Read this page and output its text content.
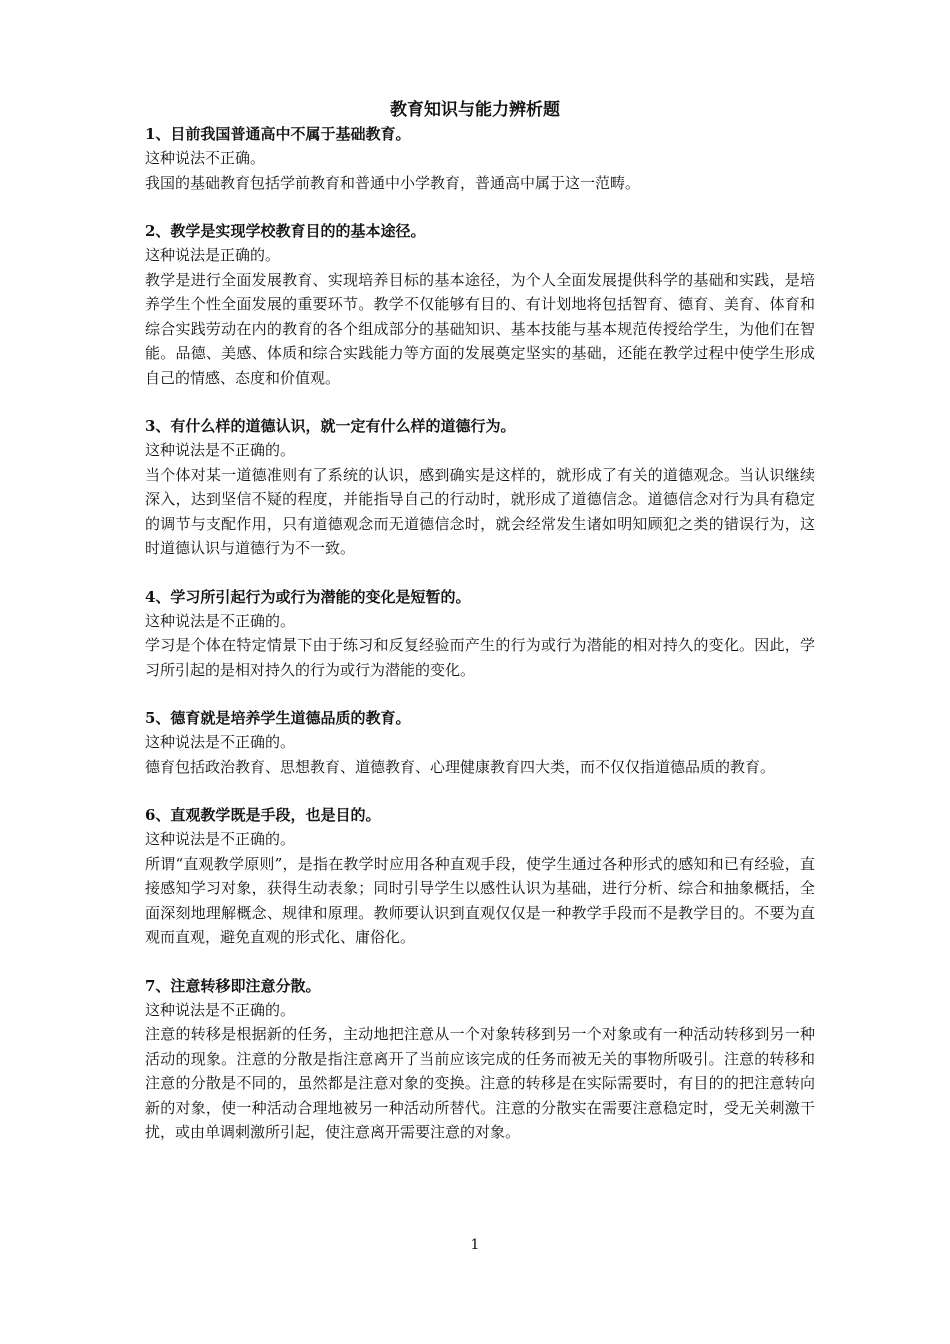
教育知识与能力辨析题

1、目前我国普通高中不属于基础教育。

这种说法不正确。

我国的基础教育包括学前教育和普通中小学教育，普通高中属于这一范畴。

2、教学是实现学校教育目的的基本途径。

这种说法是正确的。

教学是进行全面发展教育、实现培养目标的基本途径，为个人全面发展提供科学的基础和实践，是培养学生个性全面发展的重要环节。教学不仅能够有目的、有计划地将包括智育、德育、美育、体育和综合实践劳动在内的教育的各个组成部分的基础知识、基本技能与基本规范传授给学生，为他们在智能。品德、美感、体质和综合实践能力等方面的发展奠定坚实的基础，还能在教学过程中使学生形成自己的情感、态度和价值观。

3、有什么样的道德认识，就一定有什么样的道德行为。

这种说法是不正确的。

当个体对某一道德准则有了系统的认识，感到确实是这样的，就形成了有关的道德观念。当认识继续深入，达到坚信不疑的程度，并能指导自己的行动时，就形成了道德信念。道德信念对行为具有稳定的调节与支配作用，只有道德观念而无道德信念时，就会经常发生诸如明知顾犯之类的错误行为，这时道德认识与道德行为不一致。

4、学习所引起行为或行为潜能的变化是短暂的。

这种说法是不正确的。

学习是个体在特定情景下由于练习和反复经验而产生的行为或行为潜能的相对持久的变化。因此，学习所引起的是相对持久的行为或行为潜能的变化。

5、德育就是培养学生道德品质的教育。

这种说法是不正确的。

德育包括政治教育、思想教育、道德教育、心理健康教育四大类，而不仅仅指道德品质的教育。

6、直观教学既是手段，也是目的。

这种说法是不正确的。

所谓“直观教学原则”，是指在教学时应用各种直观手段，使学生通过各种形式的感知和已有经验，直接感知学习对象，获得生动表象；同时引导学生以感性认识为基础，进行分析、综合和抽象概括，全面深刻地理解概念、规律和原理。教师要认识到直观仅仅是一种教学手段而不是教学目的。不要为直观而直观，避免直观的形式化、庸俗化。

7、注意转移即注意分散。

这种说法是不正确的。

注意的转移是根据新的任务，主动地把注意从一个对象转移到另一个对象或有一种活动转移到另一种活动的现象。注意的分散是指注意离开了当前应该完成的任务而被无关的事物所吸引。注意的转移和注意的分散是不同的，虽然都是注意对象的变换。注意的转移是在实际需要时，有目的的把注意转向新的对象，使一种活动合理地被另一种活动所替代。注意的分散实在需要注意稳定时，受无关刺激干扰，或由单调刺激所引起，使注意离开需要注意的对象。

1
